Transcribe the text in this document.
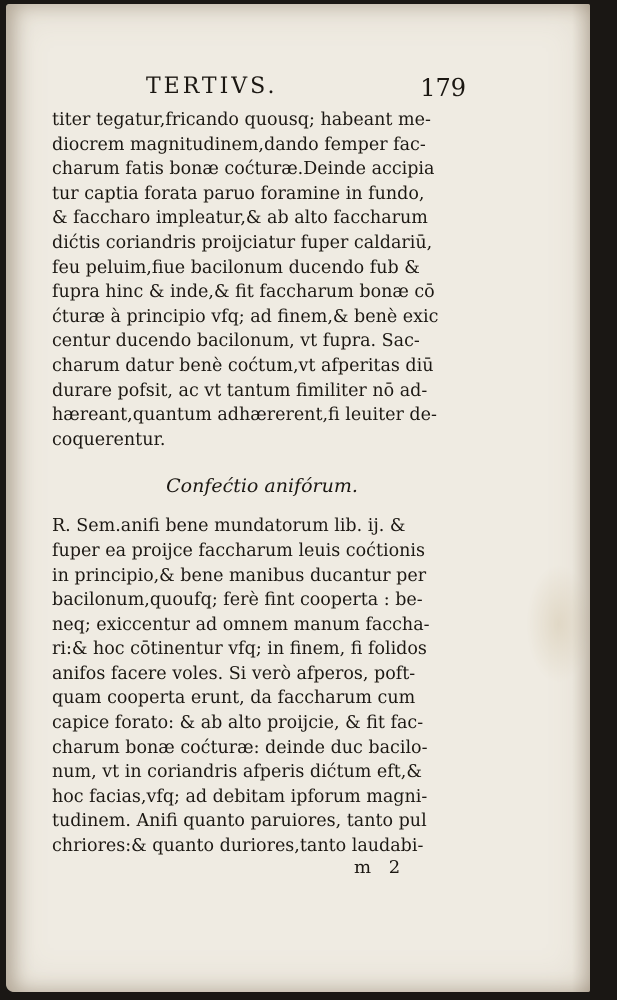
TERTIVS.	179
titer tegatur,fricando quousq; habeant me-
diocrem magnitudinem,dando femper fac-
charum fatis bonæ coćturæ.Deinde accipia
tur captia forata paruo foramine in fundo,
& faccharo impleatur,& ab alto faccharum
dićtis coriandris proijciatur fuper caldariū,
feu peluim,fiue bacilonum ducendo fub &
fupra hinc & inde,& fit faccharum bonæ cō
ćturæ à principio vfq; ad finem,& benè exic
centur ducendo bacilonum, vt fupra. Sac-
charum datur benè cоćtum,vt afperitas diū
durare pofsit, ac vt tantum fimiliter nō ad-
hæreant,quantum adhærerent,fi leuiter de-
coquerentur.
Confećtio anifórum.
R. Sem.anifi bene mundatorum lib. ij. &
fuper ea proijce faccharum leuis coćtionis
in principio,& bene manibus ducantur per
bacilonum,quoufq; ferè fint cooperta : be-
neq; exiccentur ad omnem manum faccha-
ri:& hoc cōtinentur vfq; in finem, fi folidos
anifos facere voles. Si verò afperos, poft-
quam cooperta erunt, da faccharum cum
capice forato: & ab alto proijcie, & fit fac-
charum bonæ coćturæ: deinde duc bacilo-
num, vt in coriandris afperis dićtum eft,&
hoc facias,vfq; ad debitam ipforum magni-
tudinem. Anifi quanto paruiores, tanto pul
chriores:& quanto duriores,tanto laudabi-
m 2
